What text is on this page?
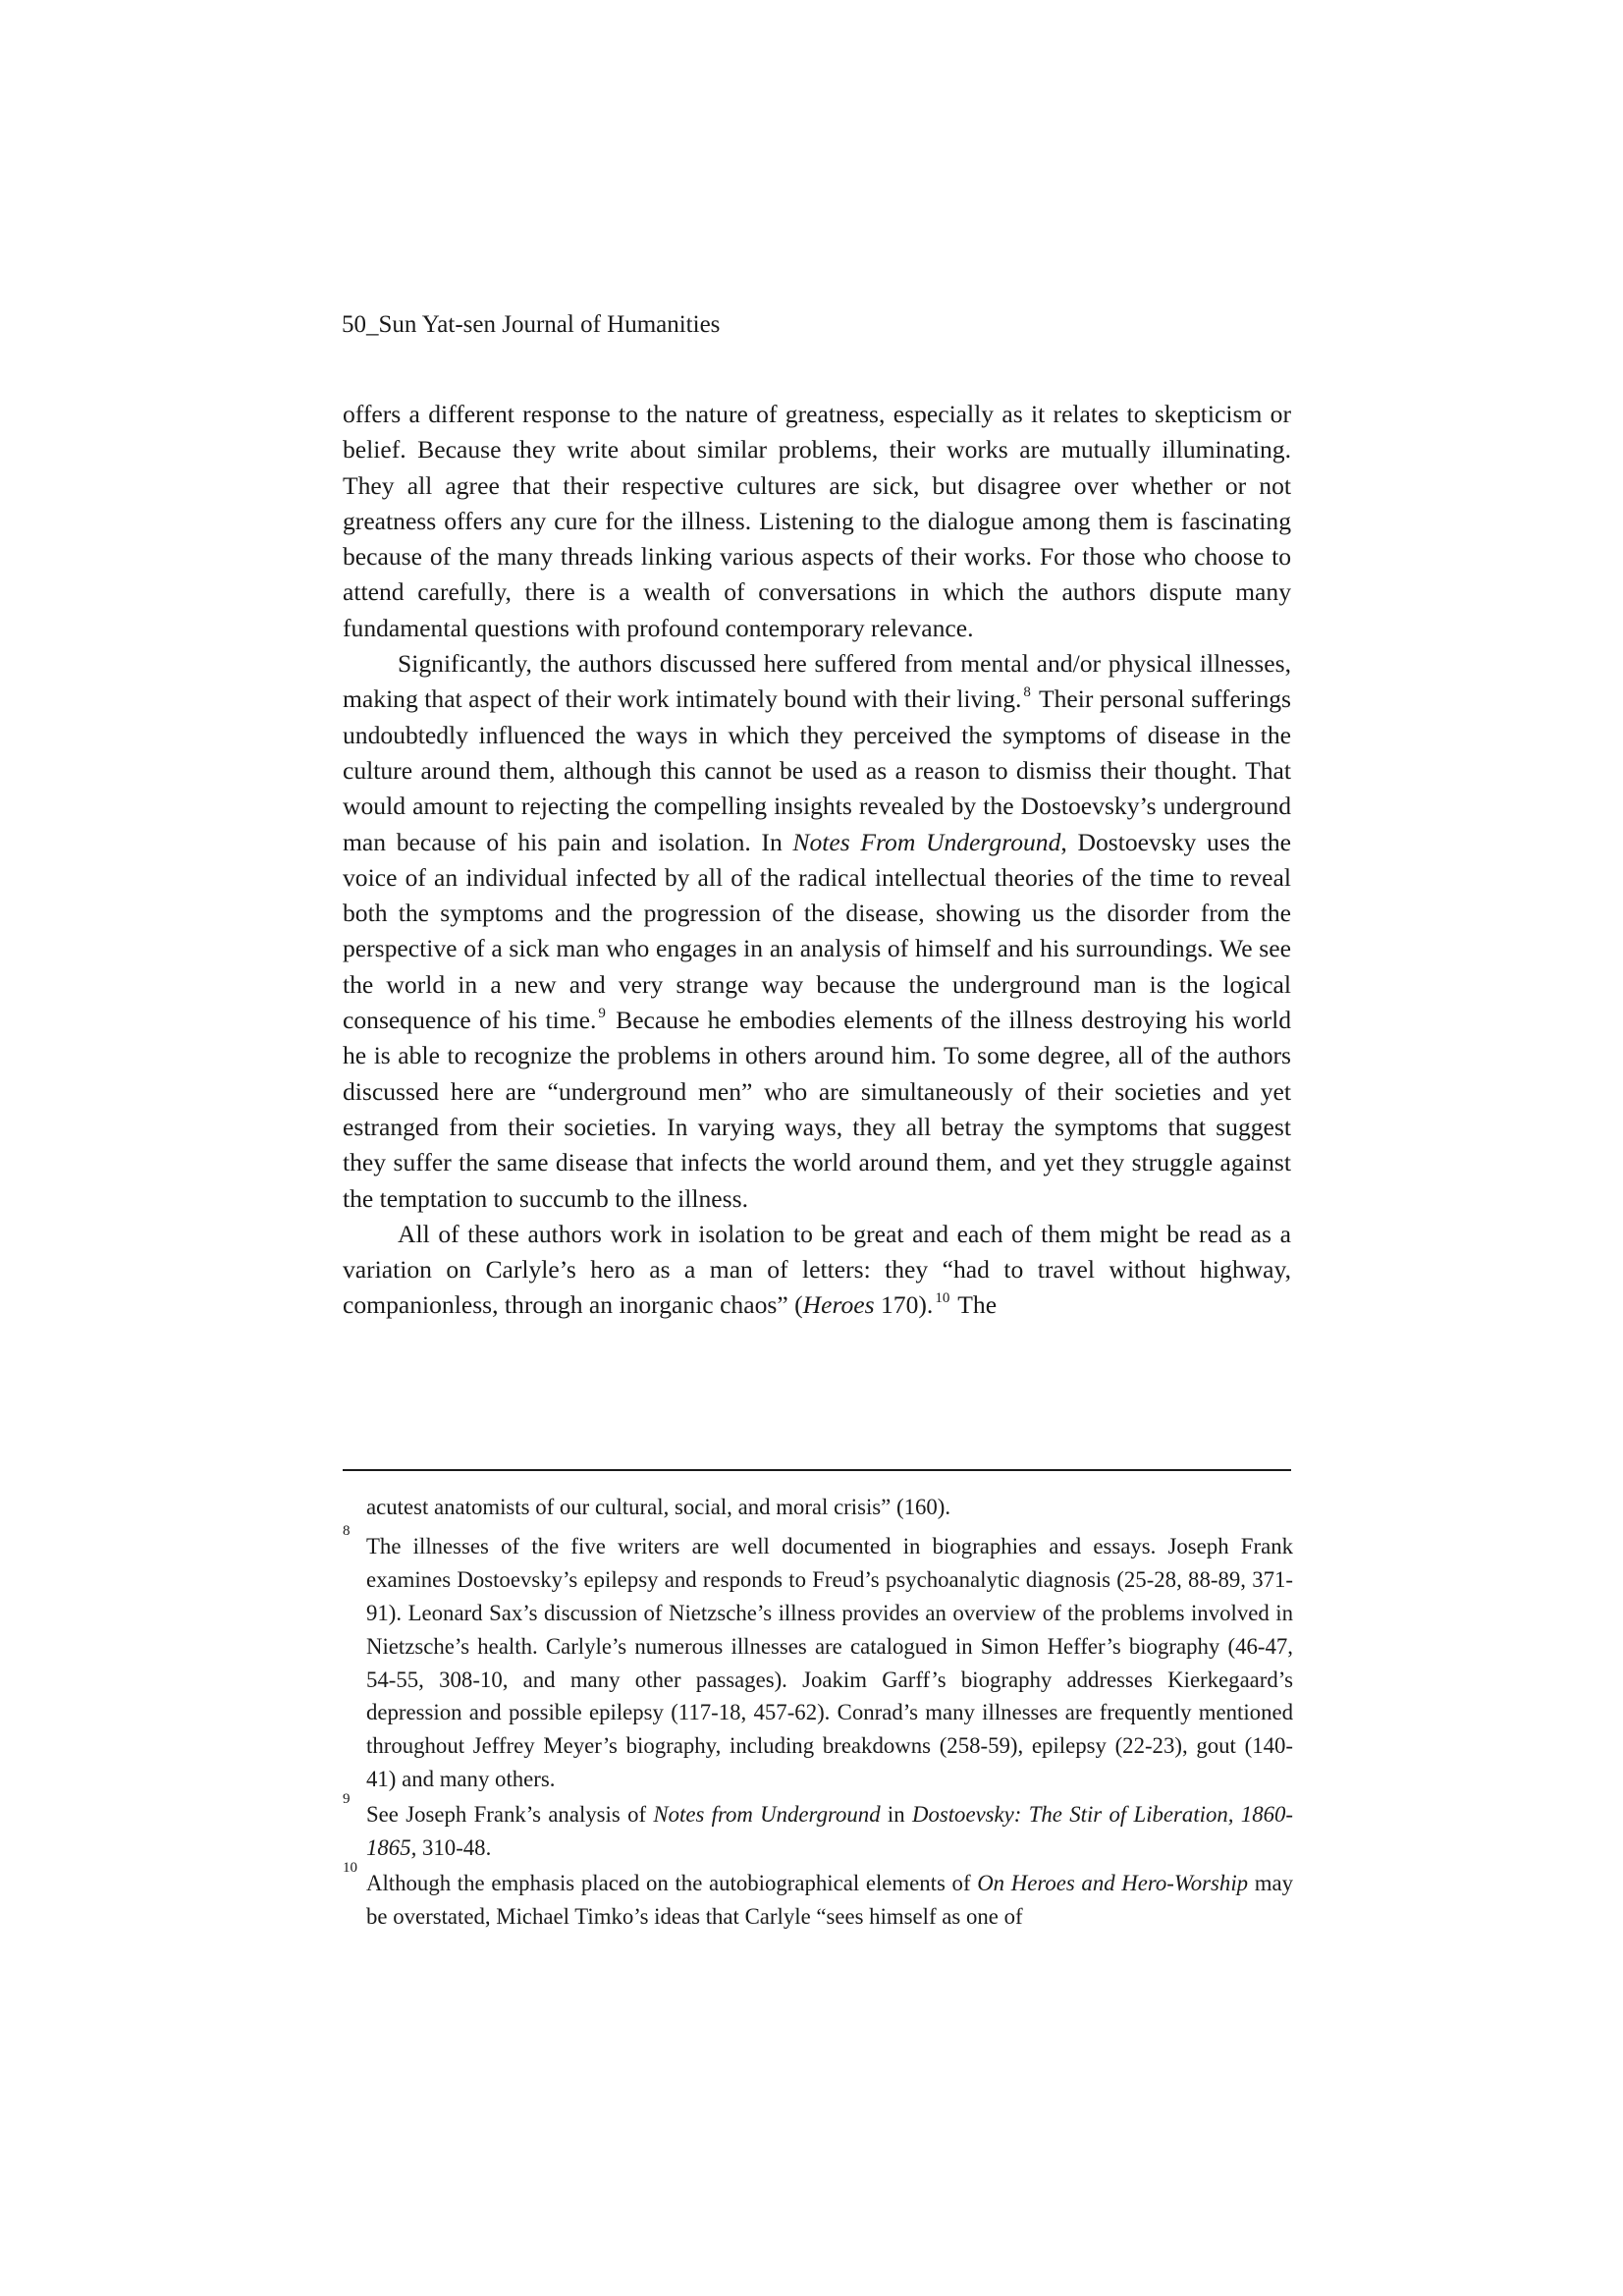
50_Sun Yat-sen Journal of Humanities

offers a different response to the nature of greatness, especially as it relates to skepticism or belief. Because they write about similar problems, their works are mutually illuminating. They all agree that their respective cultures are sick, but disagree over whether or not greatness offers any cure for the illness. Listening to the dialogue among them is fascinating because of the many threads linking various aspects of their works. For those who choose to attend carefully, there is a wealth of conversations in which the authors dispute many fundamental questions with profound contemporary relevance.

Significantly, the authors discussed here suffered from mental and/or physical illnesses, making that aspect of their work intimately bound with their living. $^8$ Their personal sufferings undoubtedly influenced the ways in which they perceived the symptoms of disease in the culture around them, although this cannot be used as a reason to dismiss their thought. That would amount to rejecting the compelling insights revealed by the Dostoevsky’s underground man because of his pain and isolation. In Notes From Underground, Dostoevsky uses the voice of an individual infected by all of the radical intellectual theories of the time to reveal both the symptoms and the progression of the disease, showing us the disorder from the perspective of a sick man who engages in an analysis of himself and his surroundings. We see the world in a new and very strange way because the underground man is the logical consequence of his time. $^9$ Because he embodies elements of the illness destroying his world he is able to recognize the problems in others around him. To some degree, all of the authors discussed here are “underground men” who are simultaneously of their societies and yet estranged from their societies. In varying ways, they all betray the symptoms that suggest they suffer the same disease that infects the world around them, and yet they struggle against the temptation to succumb to the illness.

All of these authors work in isolation to be great and each of them might be read as a variation on Carlyle’s hero as a man of letters: they “had to travel without highway, companionless, through an inorganic chaos” (Heroes 170). $^{10}$ The

acutest anatomists of our cultural, social, and moral crisis” (160).
8
The illnesses of the five writers are well documented in biographies and essays. Joseph Frank examines Dostoevsky’s epilepsy and responds to Freud’s psychoanalytic diagnosis (25-28, 88-89, 371-91). Leonard Sax’s discussion of Nietzsche’s illness provides an overview of the problems involved in Nietzsche’s health. Carlyle’s numerous illnesses are catalogued in Simon Heffer’s biography (46-47, 54-55, 308-10, and many other passages). Joakim Garff’s biography addresses Kierkegaard’s depression and possible epilepsy (117-18, 457-62). Conrad’s many illnesses are frequently mentioned throughout Jeffrey Meyer’s biography, including breakdowns (258-59), epilepsy (22-23), gout (140-41) and many others.
9
See Joseph Frank’s analysis of Notes from Underground in Dostoevsky: The Stir of Liberation, 1860-1865, 310-48.
10
Although the emphasis placed on the autobiographical elements of On Heroes and Hero-Worship may be overstated, Michael Timko’s ideas that Carlyle “sees himself as one of
